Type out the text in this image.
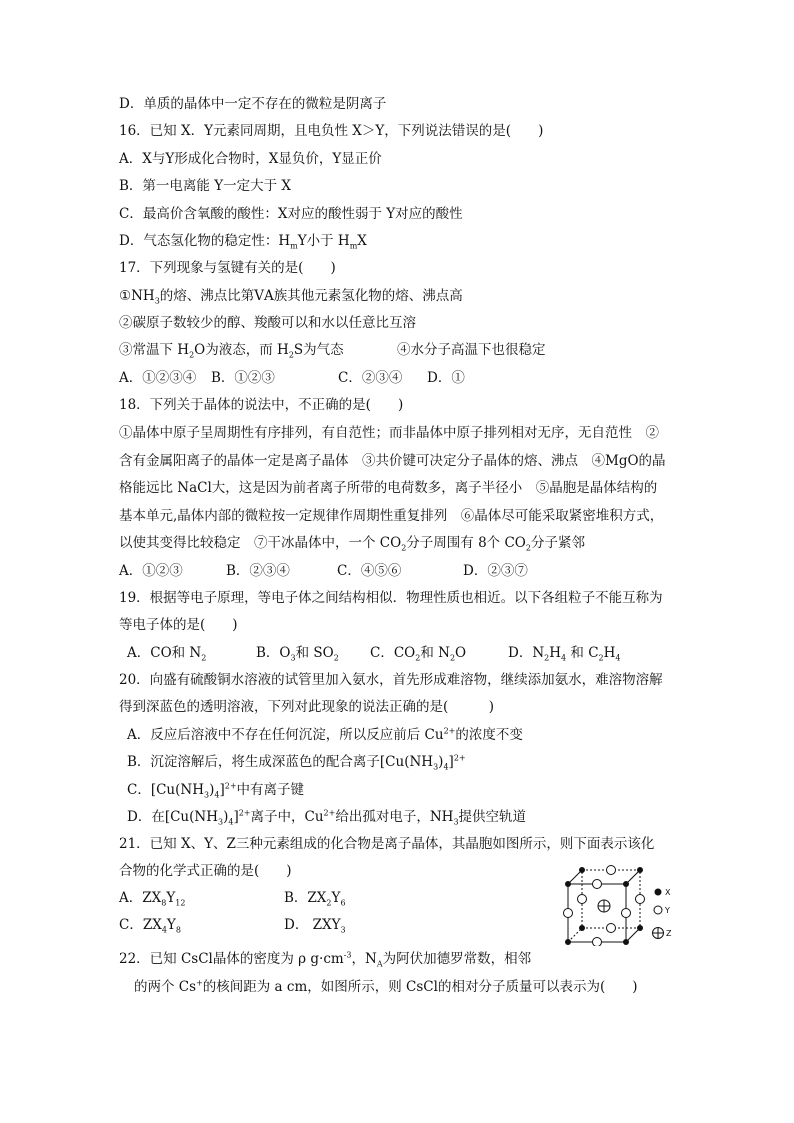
D．单质的晶体中一定不存在的微粒是阴离子
16．已知 X．Y元素同周期，且电负性 X＞Y，下列说法错误的是(　　)
A．X与Y形成化合物时，X显负价，Y显正价
B．第一电离能 Y一定大于 X
C．最高价含氧酸的酸性：X对应的酸性弱于 Y对应的酸性
D．气态氢化物的稳定性：$H_mY$小于 $H_mX$
17．下列现象与氢键有关的是(　　)
$①NH_3$的熔、沸点比第ⅤA族其他元素氢化物的熔、沸点高
②碳原子数较少的醇、羧酸可以和水以任意比互溶
③常温下 $H_2O$为液态，而 $H_2S$为气态	④水分子高温下也很稳定
A．①②③④ B．①②③	C．②③④ D．①
18．下列关于晶体的说法中，不正确的是(　　)
①晶体中原子呈周期性有序排列，有自范性；而非晶体中原子排列相对无序，无自范性　②
含有金属阳离子的晶体一定是离子晶体　③共价键可决定分子晶体的熔、沸点　④MgO的晶
格能远比 NaCl大，这是因为前者离子所带的电荷数多，离子半径小　⑤晶胞是晶体结构的
基本单元,晶体内部的微粒按一定规律作周期性重复排列　⑥晶体尽可能采取紧密堆积方式，
以使其变得比较稳定　⑦干冰晶体中，一个 $CO_2$分子周围有 8个 $CO_2$分子紧邻
A．①②③	B．②③④	C．④⑤⑥	D．②③⑦
19．根据等电子原理，等电子体之间结构相似．物理性质也相近。以下各组粒子不能互称为
等电子体的是(　　)
A．CO和 $N_2$	B．$O_3$和 $SO_2$ C．$CO_2$和 $N_2O$	D．$N_2H_4$ 和 $C_2H_4$
20．向盛有硫酸铜水溶液的试管里加入氨水，首先形成难溶物，继续添加氨水，难溶物溶解
得到深蓝色的透明溶液，下列对此现象的说法正确的是(　　　)
A．反应后溶液中不存在任何沉淀，所以反应前后 $Cu^{2+}$的浓度不变
B．沉淀溶解后，将生成深蓝色的配合离子$[Cu(NH_3)_4]^{2+}$
C．$[Cu(NH_3)_4]^{2+}$中有离子键
D．在$[Cu(NH_3)_4]^{2+}$离子中，$Cu^{2+}$给出孤对电子，$NH_3$提供空轨道
21．已知 X、Y、Z三种元素组成的化合物是离子晶体，其晶胞如图所示，则下面表示该化
合物的化学式正确的是(　　)
A．$ZX_8Y_{12}$	B．$ZX_2Y_6$
C．$ZX_4Y_8$	D． $ZXY_3$
X
Y
Z
22．已知 CsCl晶体的密度为 ρ $g\cdot cm^{-3}$，$N_A$为阿伏加德罗常数，相邻
的两个 Cs+的核间距为 a cm，如图所示，则 CsCl的相对分子质量可以表示为(　　)
